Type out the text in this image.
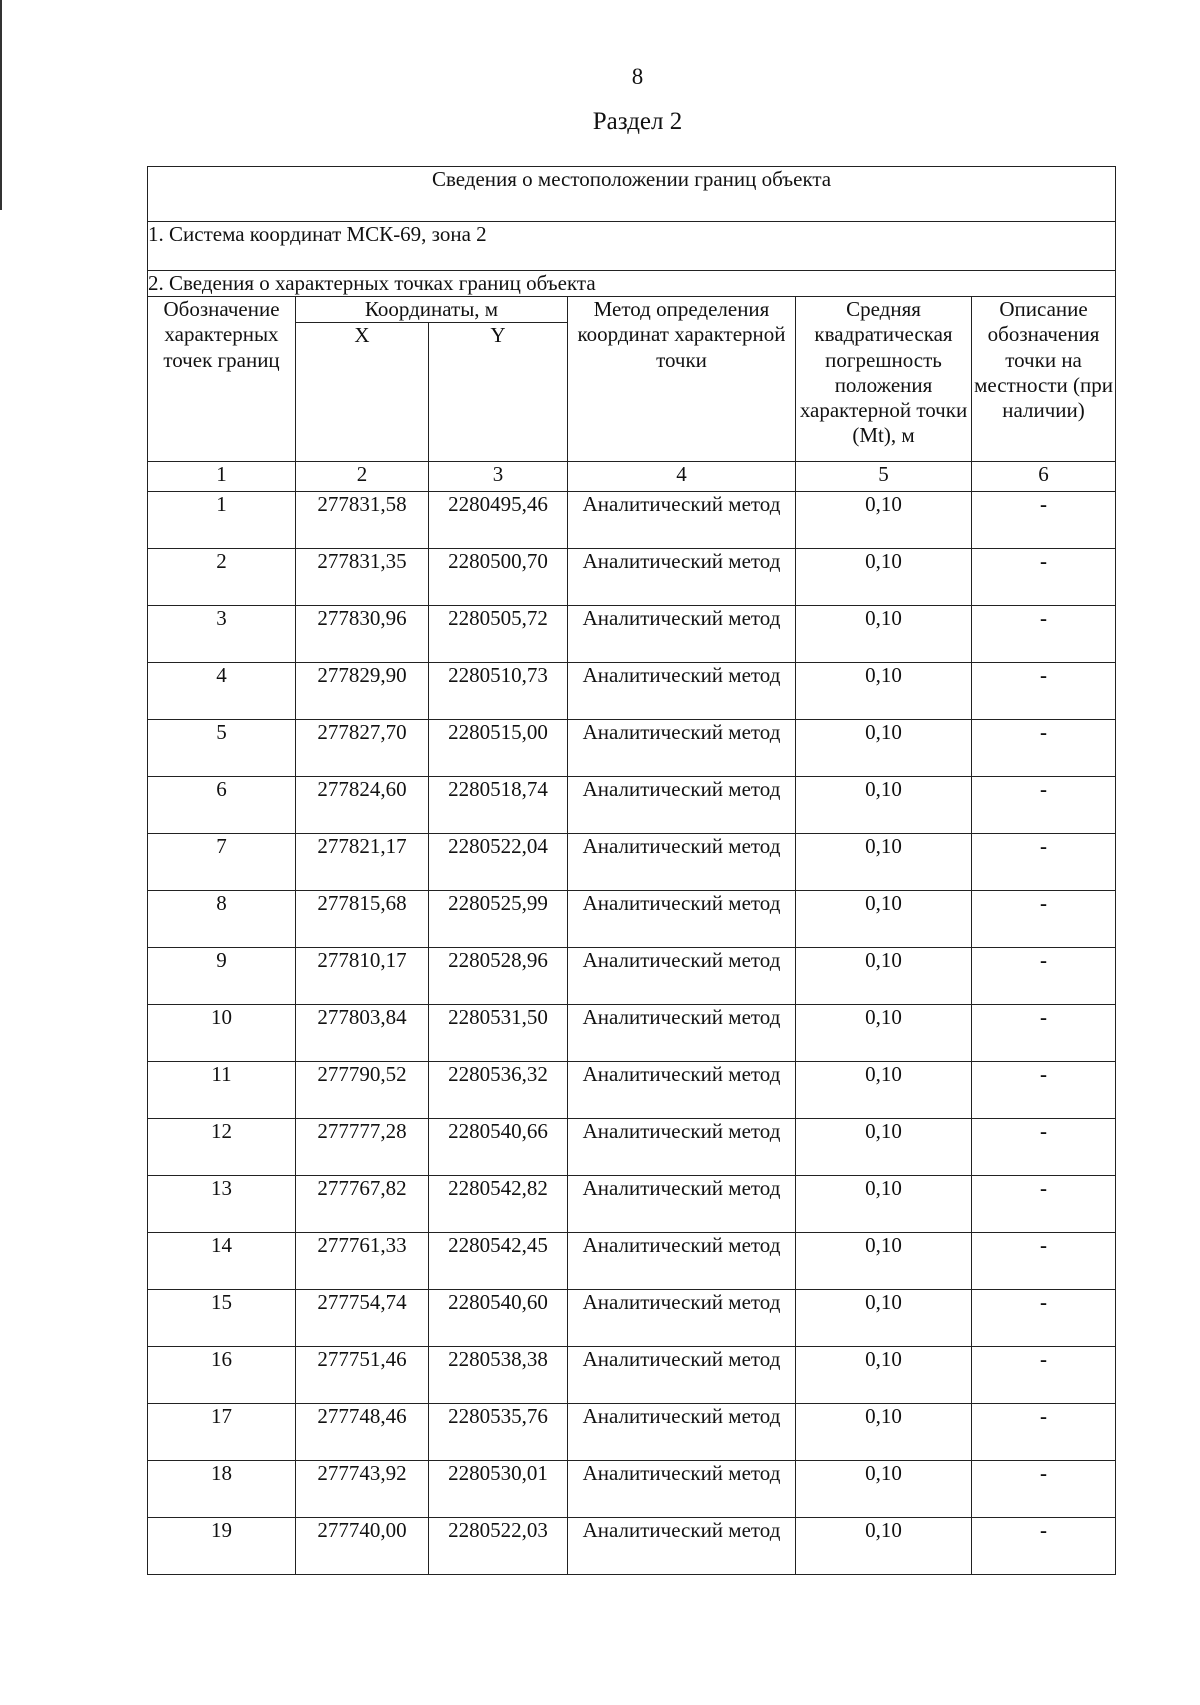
8
Раздел 2
Сведения о местоположении границ объекта					
1. Система координат МСК-69, зона 2					
2. Сведения о характерных точках границ объекта					
Обозначение характерных точек границ	Координаты, м		Метод определения координат характерной точки	Средняя квадратическая погрешность положения характерной точки (Mt), м	Описание обозначения точки на местности (при наличии)
	X	Y			
1	2	3	4	5	6
1	277831,58	2280495,46	Аналитический метод	0,10	-
2	277831,35	2280500,70	Аналитический метод	0,10	-
3	277830,96	2280505,72	Аналитический метод	0,10	-
4	277829,90	2280510,73	Аналитический метод	0,10	-
5	277827,70	2280515,00	Аналитический метод	0,10	-
6	277824,60	2280518,74	Аналитический метод	0,10	-
7	277821,17	2280522,04	Аналитический метод	0,10	-
8	277815,68	2280525,99	Аналитический метод	0,10	-
9	277810,17	2280528,96	Аналитический метод	0,10	-
10	277803,84	2280531,50	Аналитический метод	0,10	-
11	277790,52	2280536,32	Аналитический метод	0,10	-
12	277777,28	2280540,66	Аналитический метод	0,10	-
13	277767,82	2280542,82	Аналитический метод	0,10	-
14	277761,33	2280542,45	Аналитический метод	0,10	-
15	277754,74	2280540,60	Аналитический метод	0,10	-
16	277751,46	2280538,38	Аналитический метод	0,10	-
17	277748,46	2280535,76	Аналитический метод	0,10	-
18	277743,92	2280530,01	Аналитический метод	0,10	-
19	277740,00	2280522,03	Аналитический метод	0,10	-
